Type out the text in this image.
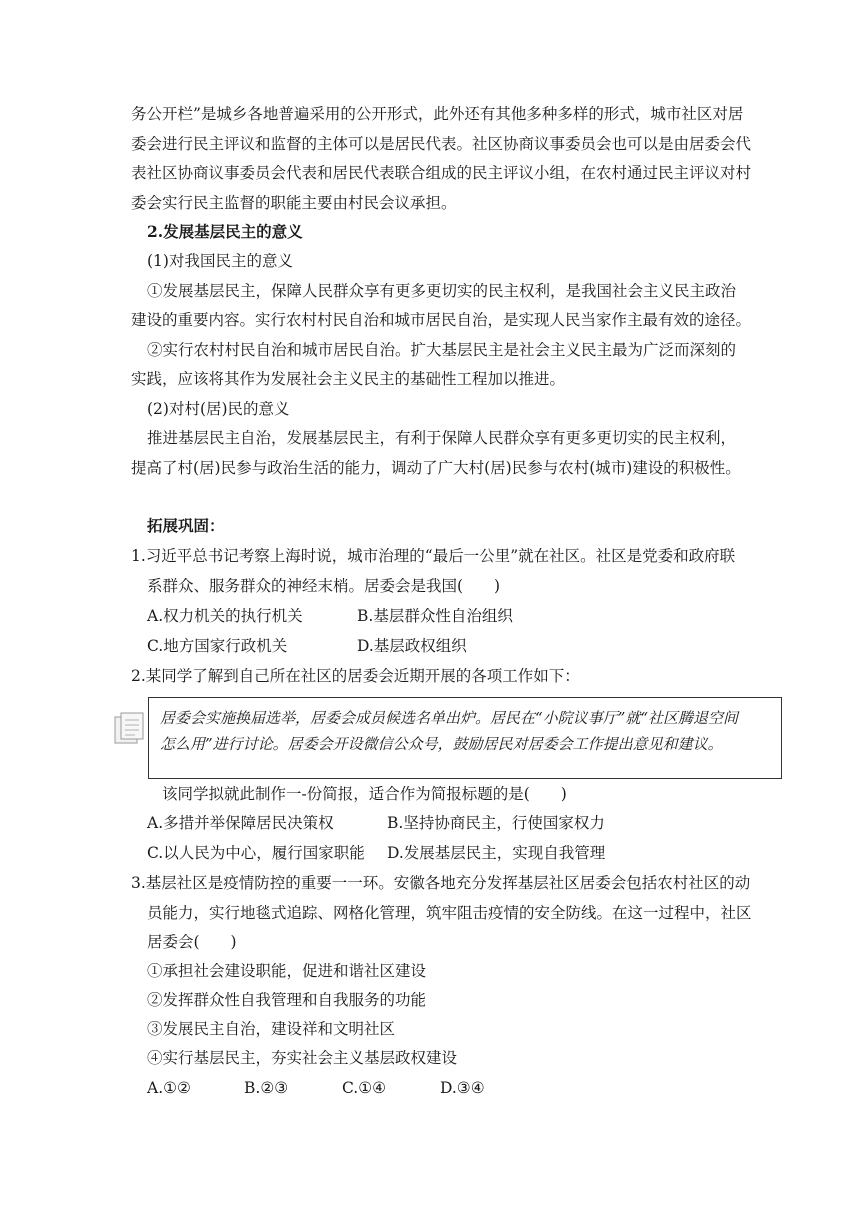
务公开栏”是城乡各地普遍采用的公开形式，此外还有其他多种多样的形式，城市社区对居
委会进行民主评议和监督的主体可以是居民代表。社区协商议事委员会也可以是由居委会代
表社区协商议事委员会代表和居民代表联合组成的民主评议小组，在农村通过民主评议对村
委会实行民主监督的职能主要由村民会议承担。
2.发展基层民主的意义
(1)对我国民主的意义
①发展基层民主，保障人民群众享有更多更切实的民主权利，是我国社会主义民主政治
建设的重要内容。实行农村村民自治和城市居民自治，是实现人民当家作主最有效的途径。
②实行农村村民自治和城市居民自治。扩大基层民主是社会主义民主最为广泛而深刻的
实践，应该将其作为发展社会主义民主的基础性工程加以推进。
(2)对村(居)民的意义
推进基层民主自治，发展基层民主，有利于保障人民群众享有更多更切实的民主权利，
提高了村(居)民参与政治生活的能力，调动了广大村(居)民参与农村(城市)建设的积极性。
拓展巩固：
1.习近平总书记考察上海时说，城市治理的“最后一公里”就在社区。社区是党委和政府联
系群众、服务群众的神经末梢。居委会是我国(　　)
A.权力机关的执行机关	B.基层群众性自治组织
C.地方国家行政机关	D.基层政权组织
2.某同学了解到自己所在社区的居委会近期开展的各项工作如下：
居委会实施换届选举，居委会成员候选名单出炉。居民在“小院议事厅”就“社区腾退空间
怎么用”进行讨论。居委会开设微信公众号，鼓励居民对居委会工作提出意见和建议。
该同学拟就此制作一-份简报，适合作为简报标题的是(　　)
A.多措并举保障居民决策权	B.坚持协商民主，行使国家权力
C.以人民为中心，履行国家职能 D.发展基层民主，实现自我管理
3.基层社区是疫情防控的重要一一环。安徽各地充分发挥基层社区居委会包括农村社区的动
员能力，实行地毯式追踪、网格化管理，筑牢阻击疫情的安全防线。在这一过程中，社区
居委会(　　)
①承担社会建设职能，促进和谐社区建设
②发挥群众性自我管理和自我服务的功能
③发展民主自治，建设祥和文明社区
④实行基层民主，夯实社会主义基层政权建设
A.①②	B.②③	C.①④	D.③④
